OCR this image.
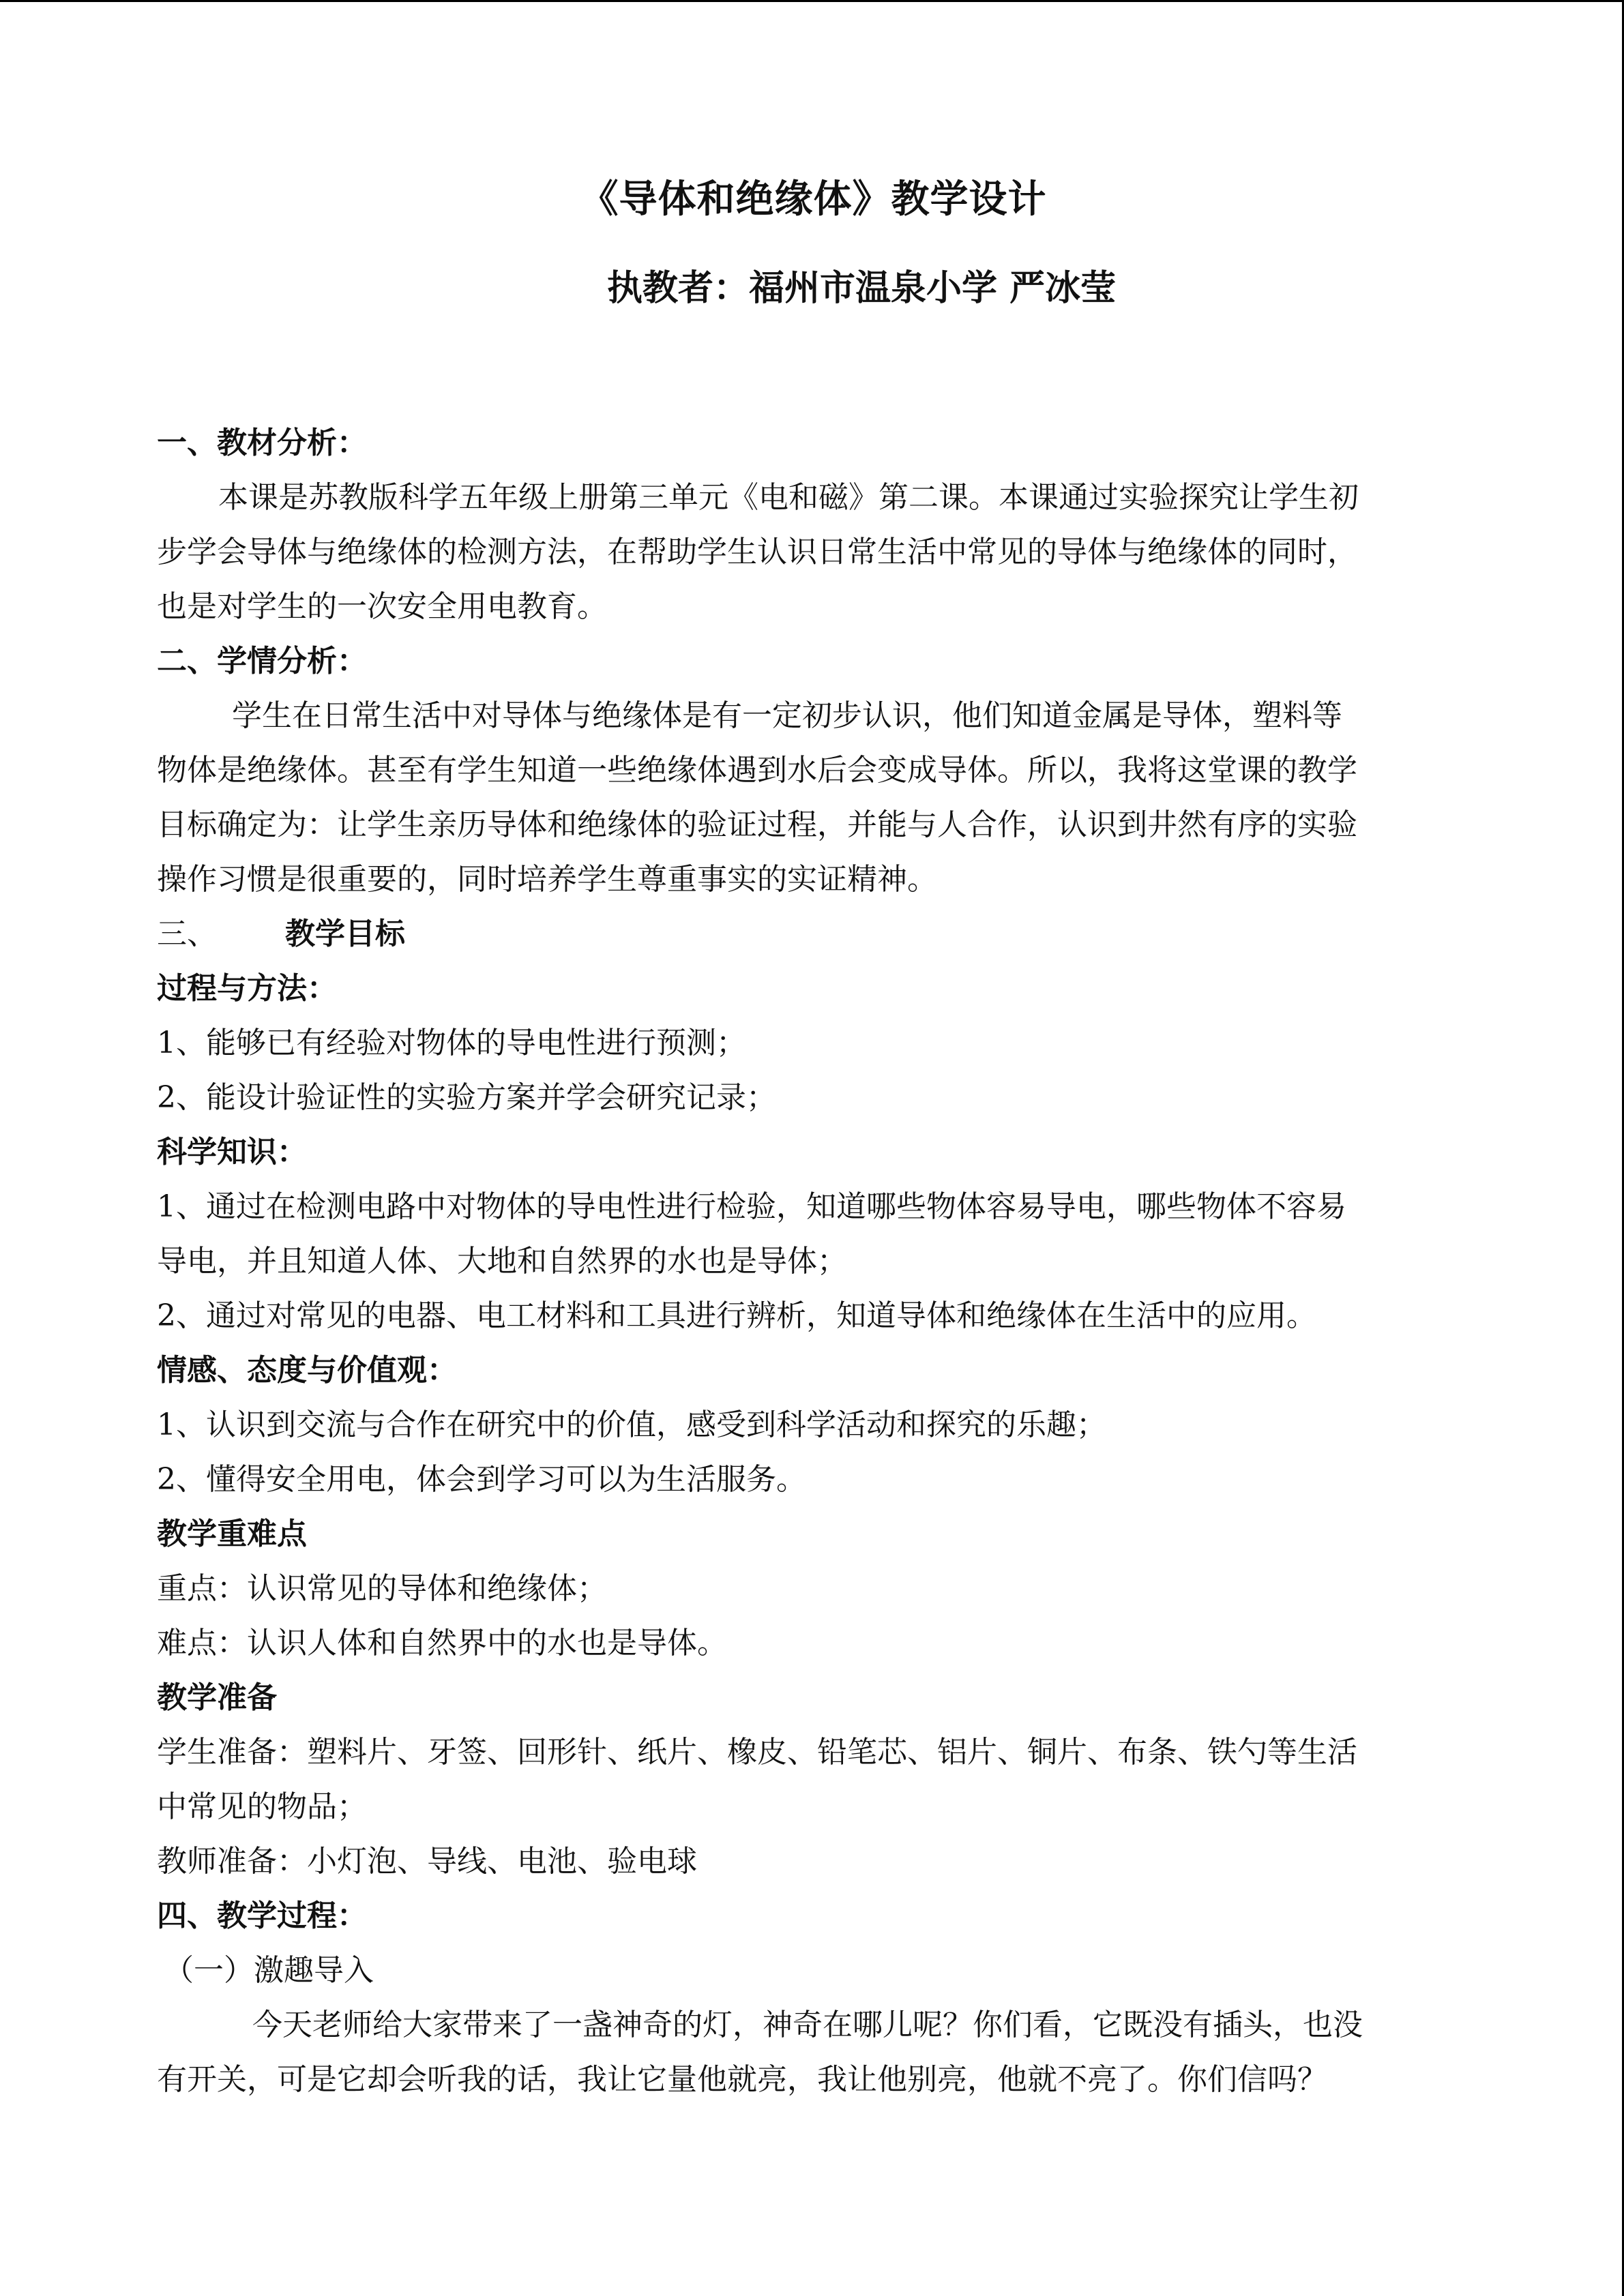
《导体和绝缘体》教学设计
执教者：福州市温泉小学 严冰莹
一、教材分析：
本课是苏教版科学五年级上册第三单元《电和磁》第二课。本课通过实验探究让学生初
步学会导体与绝缘体的检测方法，在帮助学生认识日常生活中常见的导体与绝缘体的同时，
也是对学生的一次安全用电教育。
二、学情分析：
学生在日常生活中对导体与绝缘体是有一定初步认识，他们知道金属是导体，塑料等
物体是绝缘体。甚至有学生知道一些绝缘体遇到水后会变成导体。所以，我将这堂课的教学
目标确定为：让学生亲历导体和绝缘体的验证过程，并能与人合作，认识到井然有序的实验
操作习惯是很重要的，同时培养学生尊重事实的实证精神。
三、 教学目标
过程与方法：
1、能够已有经验对物体的导电性进行预测；
2、能设计验证性的实验方案并学会研究记录；
科学知识：
1、通过在检测电路中对物体的导电性进行检验，知道哪些物体容易导电，哪些物体不容易
导电，并且知道人体、大地和自然界的水也是导体；
2、通过对常见的电器、电工材料和工具进行辨析，知道导体和绝缘体在生活中的应用。
情感、态度与价值观：
1、认识到交流与合作在研究中的价值，感受到科学活动和探究的乐趣；
2、懂得安全用电，体会到学习可以为生活服务。
教学重难点
重点：认识常见的导体和绝缘体；
难点：认识人体和自然界中的水也是导体。
教学准备
学生准备：塑料片、牙签、回形针、纸片、橡皮、铅笔芯、铝片、铜片、布条、铁勺等生活
中常见的物品；
教师准备：小灯泡、导线、电池、验电球
四、教学过程：
（一）激趣导入
今天老师给大家带来了一盏神奇的灯，神奇在哪儿呢？你们看，它既没有插头，也没
有开关，可是它却会听我的话，我让它量他就亮，我让他别亮，他就不亮了。你们信吗？
